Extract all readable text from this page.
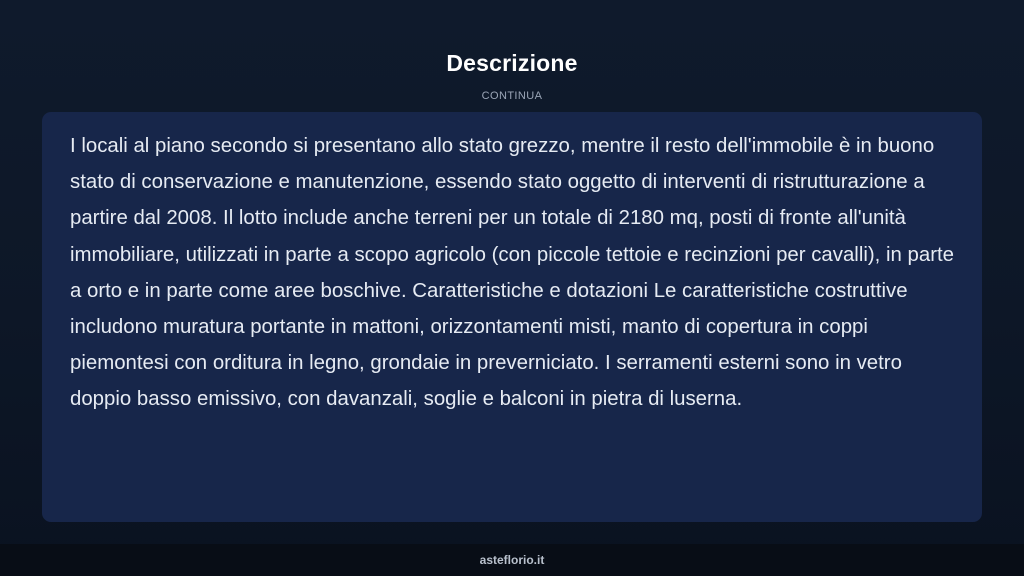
Descrizione
CONTINUA

I locali al piano secondo si presentano allo stato grezzo, mentre il resto dell'immobile è in buono stato di conservazione e manutenzione, essendo stato oggetto di interventi di ristrutturazione a partire dal 2008. Il lotto include anche terreni per un totale di 2180 mq, posti di fronte all'unità immobiliare, utilizzati in parte a scopo agricolo (con piccole tettoie e recinzioni per cavalli), in parte a orto e in parte come aree boschive. Caratteristiche e dotazioni Le caratteristiche costruttive includono muratura portante in mattoni, orizzontamenti misti, manto di copertura in coppi piemontesi con orditura in legno, grondaie in preverniciato. I serramenti esterni sono in vetro doppio basso emissivo, con davanzali, soglie e balconi in pietra di luserna.

asteflorio.it
